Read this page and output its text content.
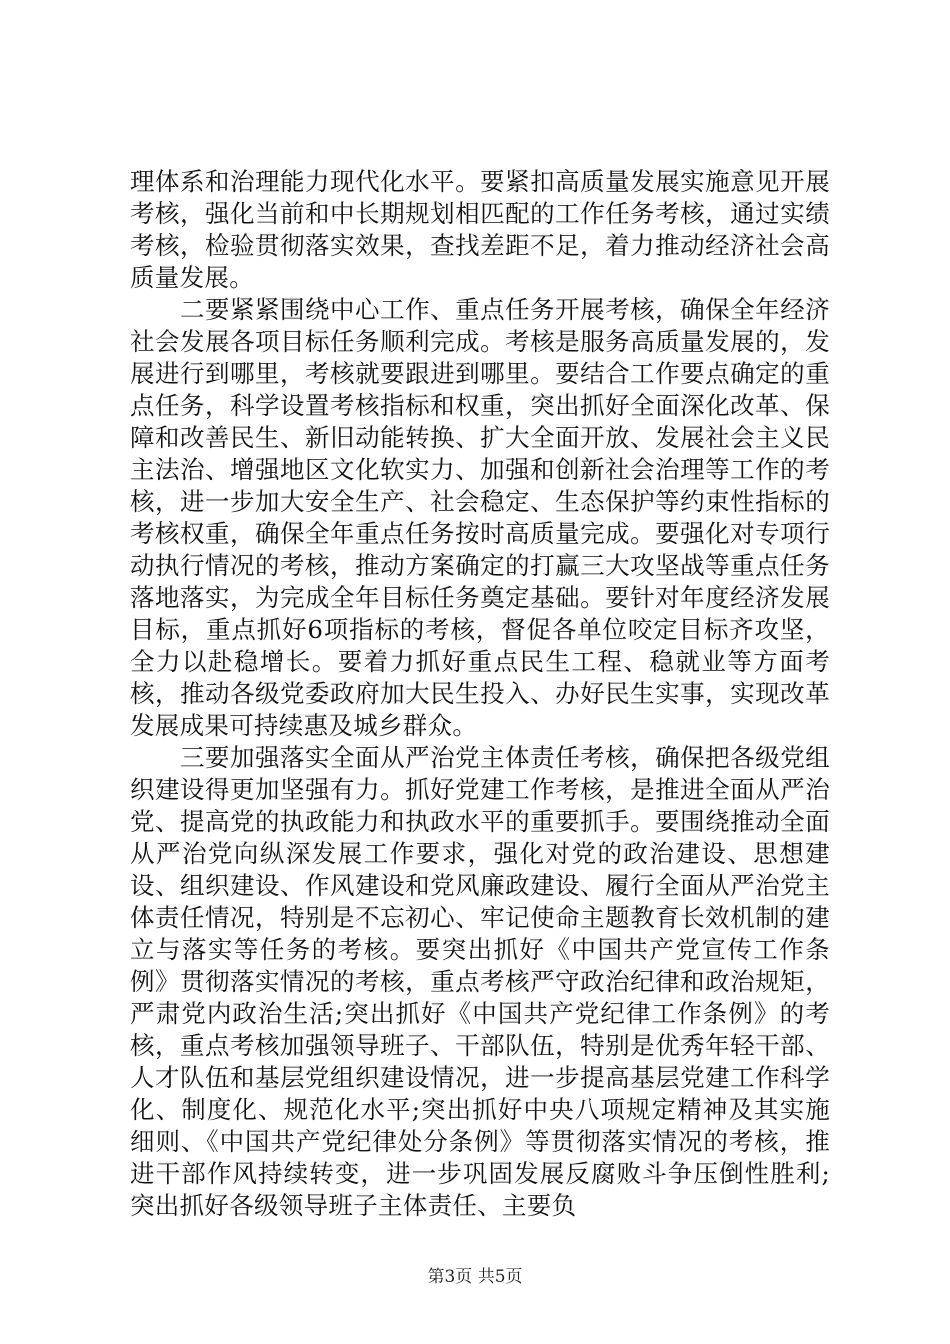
理体系和治理能力现代化水平。要紧扣高质量发展实施意见开展考核，强化当前和中长期规划相匹配的工作任务考核，通过实绩考核，检验贯彻落实效果，查找差距不足，着力推动经济社会高质量发展。

二要紧紧围绕中心工作、重点任务开展考核，确保全年经济社会发展各项目标任务顺利完成。考核是服务高质量发展的，发展进行到哪里，考核就要跟进到哪里。要结合工作要点确定的重点任务，科学设置考核指标和权重，突出抓好全面深化改革、保障和改善民生、新旧动能转换、扩大全面开放、发展社会主义民主法治、增强地区文化软实力、加强和创新社会治理等工作的考核，进一步加大安全生产、社会稳定、生态保护等约束性指标的考核权重，确保全年重点任务按时高质量完成。要强化对专项行动执行情况的考核，推动方案确定的打赢三大攻坚战等重点任务落地落实，为完成全年目标任务奠定基础。要针对年度经济发展目标，重点抓好6项指标的考核，督促各单位咬定目标齐攻坚，全力以赴稳增长。要着力抓好重点民生工程、稳就业等方面考核，推动各级党委政府加大民生投入、办好民生实事，实现改革发展成果可持续惠及城乡群众。

三要加强落实全面从严治党主体责任考核，确保把各级党组织建设得更加坚强有力。抓好党建工作考核，是推进全面从严治党、提高党的执政能力和执政水平的重要抓手。要围绕推动全面从严治党向纵深发展工作要求，强化对党的政治建设、思想建设、组织建设、作风建设和党风廉政建设、履行全面从严治党主体责任情况，特别是不忘初心、牢记使命主题教育长效机制的建立与落实等任务的考核。要突出抓好《中国共产党宣传工作条例》贯彻落实情况的考核，重点考核严守政治纪律和政治规矩，严肃党内政治生活;突出抓好《中国共产党纪律工作条例》的考核，重点考核加强领导班子、干部队伍，特别是优秀年轻干部、人才队伍和基层党组织建设情况，进一步提高基层党建工作科学化、制度化、规范化水平;突出抓好中央八项规定精神及其实施细则、《中国共产党纪律处分条例》等贯彻落实情况的考核，推进干部作风持续转变，进一步巩固发展反腐败斗争压倒性胜利;突出抓好各级领导班子主体责任、主要负

第3页 共5页
